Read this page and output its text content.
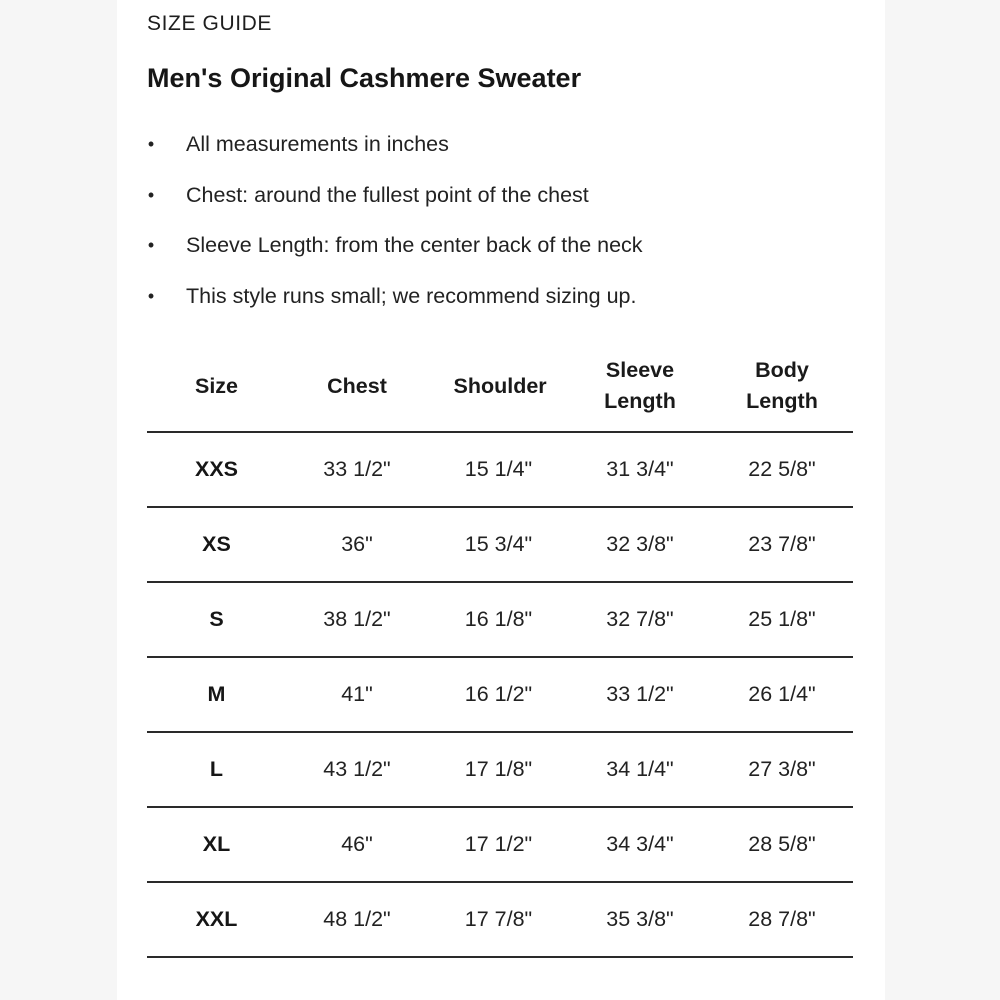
SIZE GUIDE
Men's Original Cashmere Sweater
• All measurements in inches
• Chest: around the fullest point of the chest
• Sleeve Length: from the center back of the neck
• This style runs small; we recommend sizing up.
Size	Chest	Shoulder	Sleeve Length	Body Length
XXS	33 1/2"	15 1/4"	31 3/4"	22 5/8"
XS	36"	15 3/4"	32 3/8"	23 7/8"
S	38 1/2"	16 1/8"	32 7/8"	25 1/8"
M	41"	16 1/2"	33 1/2"	26 1/4"
L	43 1/2"	17 1/8"	34 1/4"	27 3/8"
XL	46"	17 1/2"	34 3/4"	28 5/8"
XXL	48 1/2"	17 7/8"	35 3/8"	28 7/8"
